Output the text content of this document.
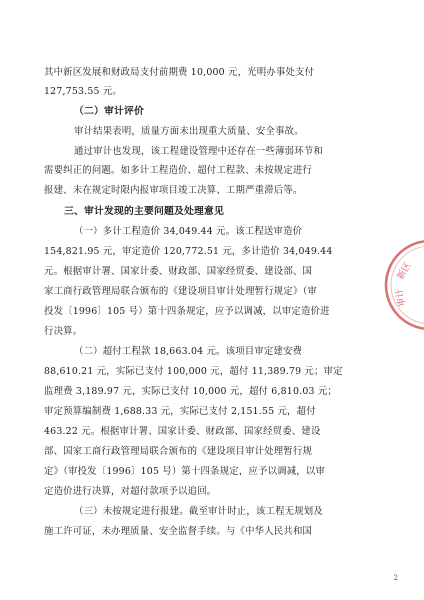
其中新区发展和财政局支付前期费 10,000 元，光明办事处支付
127,753.55 元。
（二）审计评价
审计结果表明，质量方面未出现重大质量、安全事故。
通过审计也发现，该工程建设管理中还存在一些薄弱环节和
需要纠正的问题。如多计工程造价、超付工程款、未按规定进行
报建、未在规定时限内报审项目竣工决算、工期严重滞后等。
三、审计发现的主要问题及处理意见
（一）多计工程造价 34,049.44 元。该工程送审造价
154,821.95 元，审定造价 120,772.51 元，多计造价 34,049.44
元。根据审计署、国家计委、财政部、国家经贸委、建设部、国
家工商行政管理局联合颁布的《建设项目审计处理暂行规定》（审
投发〔1996〕105 号）第十四条规定，应予以调减，以审定造价进
行决算。
（二）超付工程款 18,663.04 元。该项目审定建安费
88,610.21 元，实际已支付 100,000 元，超付 11,389.79 元；审定
监理费 3,189.97 元，实际已支付 10,000 元，超付 6,810.03 元；
审定预算编制费 1,688.33 元，实际已支付 2,151.55 元，超付
463.22 元。根据审计署、国家计委、财政部、国家经贸委、建设
部、国家工商行政管理局联合颁布的《建设项目审计处理暂行规
定》（审投发〔1996〕105 号）第十四条规定，应予以调减，以审
定造价进行决算，对超付款项予以追回。
（三）未按规定进行报建。截至审计时止，该工程无规划及
施工许可证，未办理质量、安全监督手续。与《中华人民共和国
2
新区
审计
